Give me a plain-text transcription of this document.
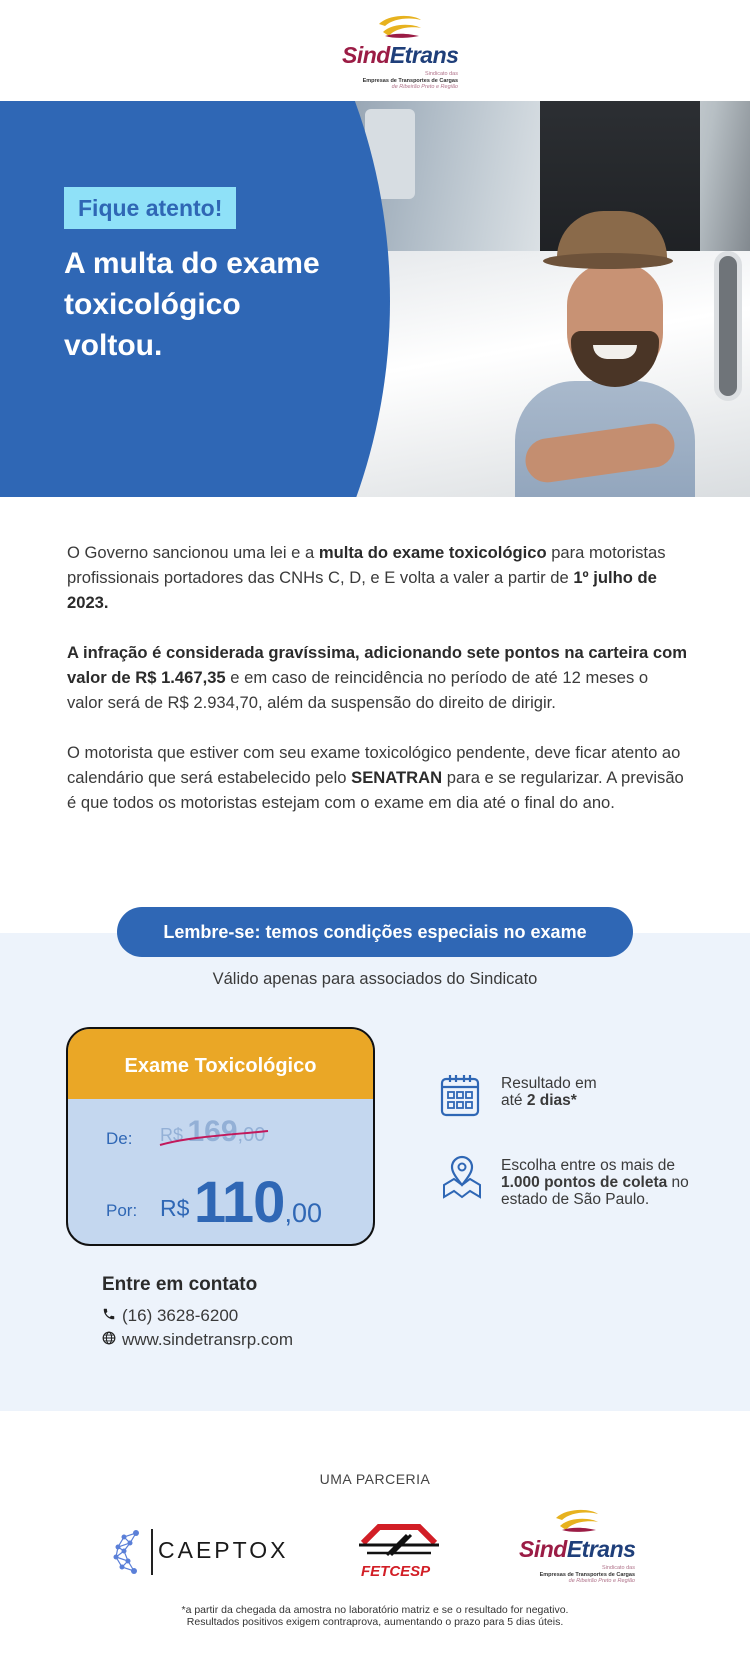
SindEtrans
Sindicato das
Empresas de Transportes de Cargas
de Ribeirão Preto e Região
Fique atento!
A multa do exame toxicológico voltou.

O Governo sancionou uma lei e a multa do exame toxicológico para motoristas profissionais portadores das CNHs C, D, e E volta a valer a partir de 1º julho de 2023.

A infração é considerada gravíssima, adicionando sete pontos na carteira com valor de R$ 1.467,35 e em caso de reincidência no período de até 12 meses o valor será de R$ 2.934,70, além da suspensão do direito de dirigir.

O motorista que estiver com seu exame toxicológico pendente, deve ficar atento ao calendário que será estabelecido pelo SENATRAN para e se regularizar. A previsão é que todos os motoristas estejam com o exame em dia até o final do ano.

Lembre-se: temos condições especiais no exame
Válido apenas para associados do Sindicato
Exame Toxicológico
De: R$ 169,00
Por: R$ 110,00
Resultado em
até 2 dias*
Escolha entre os mais de 1.000 pontos de coleta no estado de São Paulo.
Entre em contato
(16) 3628-6200
www.sindetransrp.com
UMA PARCERIA
CAEPTOX
FETCESP
SindEtrans
Sindicato das
Empresas de Transportes de Cargas
de Ribeirão Preto e Região
*a partir da chegada da amostra no laboratório matriz e se o resultado for negativo.
Resultados positivos exigem contraprova, aumentando o prazo para 5 dias úteis.
